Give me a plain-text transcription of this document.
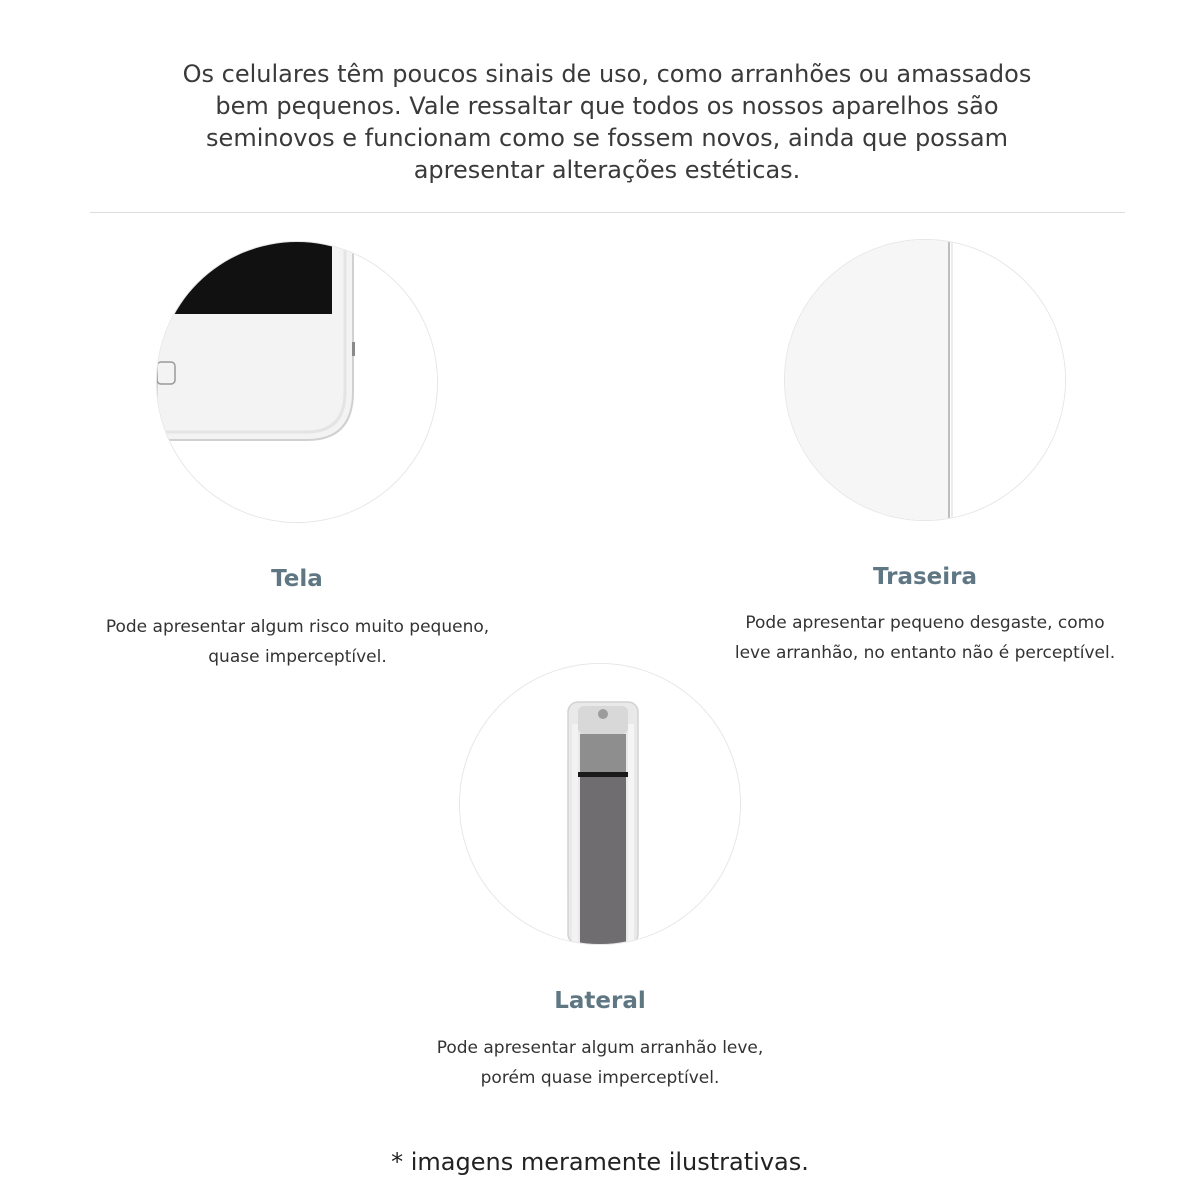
Os celulares têm poucos sinais de uso, como arranhões ou amassados
bem pequenos. Vale ressaltar que todos os nossos aparelhos são
seminovos e funcionam como se fossem novos, ainda que possam
apresentar alterações estéticas.
Tela
Pode apresentar algum risco muito pequeno,
quase imperceptível.
Traseira
Pode apresentar pequeno desgaste, como
leve arranhão, no entanto não é perceptível.
Lateral
Pode apresentar algum arranhão leve,
porém quase imperceptível.
* imagens meramente ilustrativas.
